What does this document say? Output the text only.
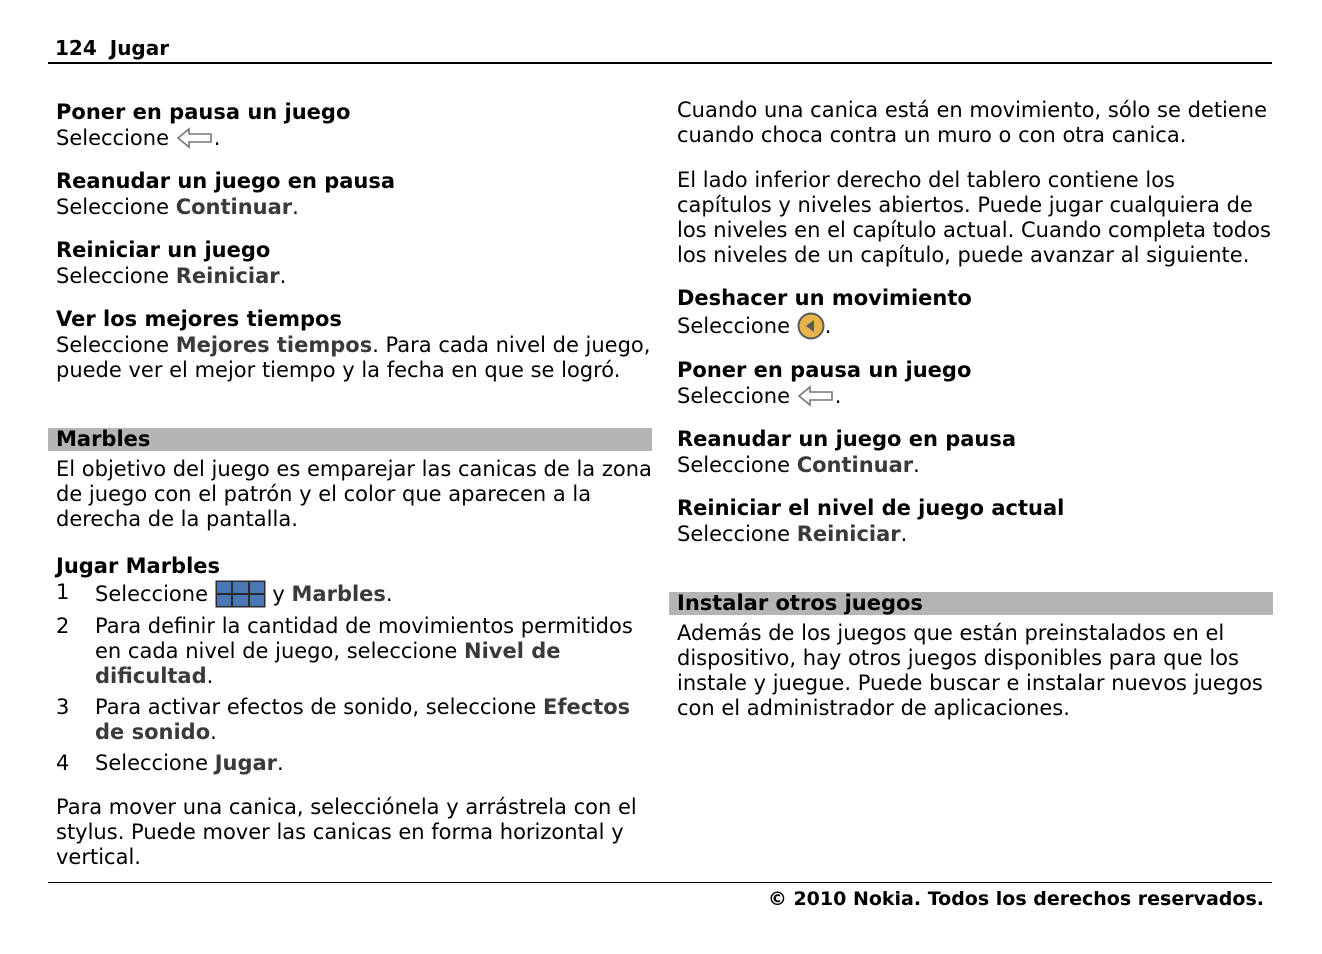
124 Jugar
Poner en pausa un juego

Seleccione .

Reanudar un juego en pausa

Seleccione Continuar.

Reiniciar un juego

Seleccione Reiniciar.

Ver los mejores tiempos

Seleccione Mejores tiempos. Para cada nivel de juego, puede ver el mejor tiempo y la fecha en que se logró.

Marbles

El objetivo del juego es emparejar las canicas de la zona de juego con el patrón y el color que aparecen a la derecha de la pantalla.

Jugar Marbles
1 Seleccione	y Marbles.
2 Para definir la cantidad de movimientos permitidos en cada nivel de juego, seleccione Nivel de dificultad.
3 Para activar efectos de sonido, seleccione Efectos de sonido.
4 Seleccione Jugar.

Para mover una canica, selecciónela y arrástrela con el stylus. Puede mover las canicas en forma horizontal y vertical.

Cuando una canica está en movimiento, sólo se detiene cuando choca contra un muro o con otra canica.

El lado inferior derecho del tablero contiene los capítulos y niveles abiertos. Puede jugar cualquiera de los niveles en el capítulo actual. Cuando completa todos los niveles de un capítulo, puede avanzar al siguiente.

Deshacer un movimiento

Seleccione .

Poner en pausa un juego

Seleccione .

Reanudar un juego en pausa

Seleccione Continuar.

Reiniciar el nivel de juego actual

Seleccione Reiniciar.

Instalar otros juegos

Además de los juegos que están preinstalados en el dispositivo, hay otros juegos disponibles para que los instale y juegue. Puede buscar e instalar nuevos juegos con el administrador de aplicaciones.

© 2010 Nokia. Todos los derechos reservados.
